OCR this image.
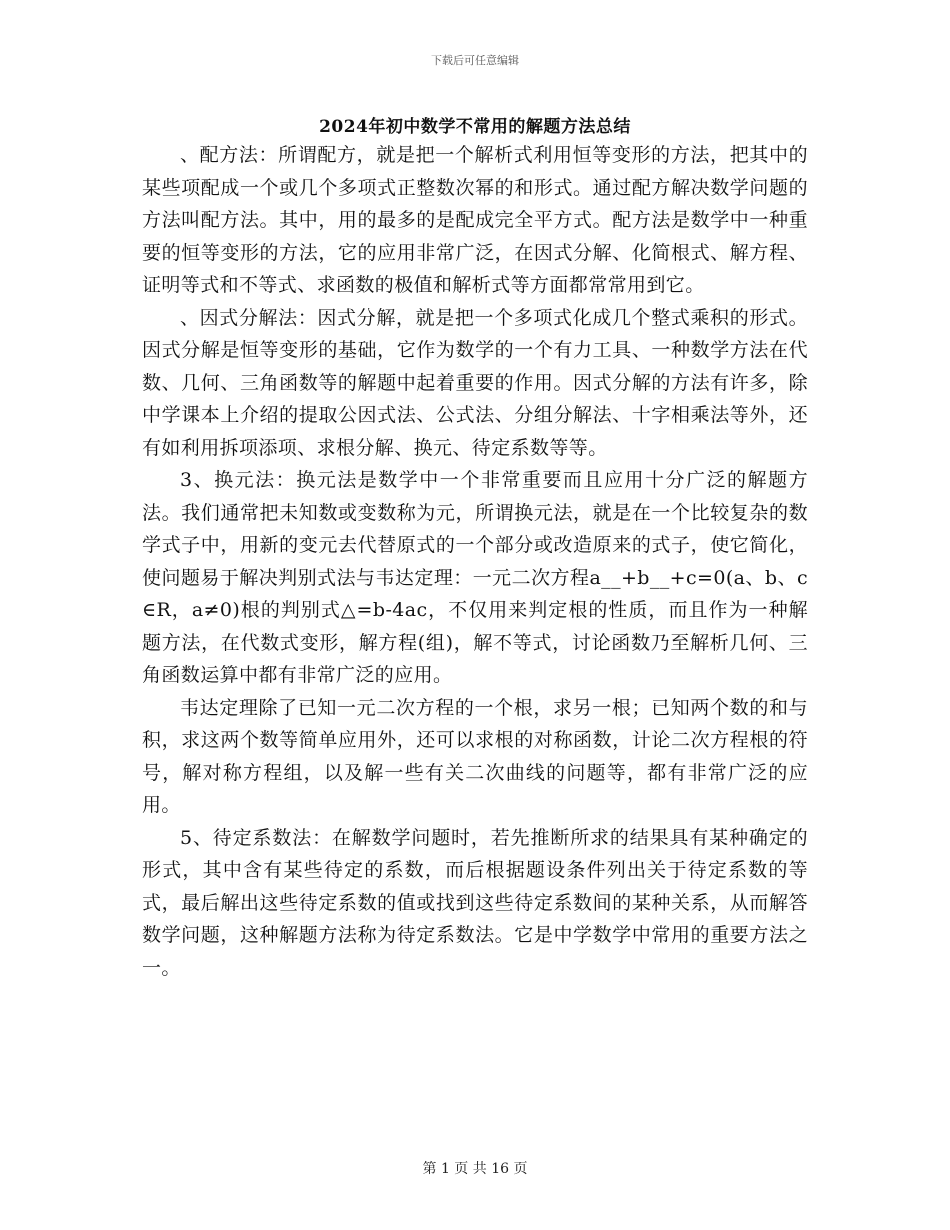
下载后可任意编辑
2024年初中数学不常用的解题方法总结

、配方法：所谓配方，就是把一个解析式利用恒等变形的方法，把其中的某些项配成一个或几个多项式正整数次幂的和形式。通过配方解决数学问题的方法叫配方法。其中，用的最多的是配成完全平方式。配方法是数学中一种重要的恒等变形的方法，它的应用非常广泛，在因式分解、化简根式、解方程、证明等式和不等式、求函数的极值和解析式等方面都常常用到它。

、因式分解法：因式分解，就是把一个多项式化成几个整式乘积的形式。因式分解是恒等变形的基础，它作为数学的一个有力工具、一种数学方法在代数、几何、三角函数等的解题中起着重要的作用。因式分解的方法有许多，除中学课本上介绍的提取公因式法、公式法、分组分解法、十字相乘法等外，还有如利用拆项添项、求根分解、换元、待定系数等等。

3、换元法：换元法是数学中一个非常重要而且应用十分广泛的解题方法。我们通常把未知数或变数称为元，所谓换元法，就是在一个比较复杂的数学式子中，用新的变元去代替原式的一个部分或改造原来的式子，使它简化，使问题易于解决判别式法与韦达定理：一元二次方程a__+b__+c=0(a、b、c∈R，a≠0)根的判别式△=b-4ac，不仅用来判定根的性质，而且作为一种解题方法，在代数式变形，解方程(组)，解不等式，讨论函数乃至解析几何、三角函数运算中都有非常广泛的应用。

韦达定理除了已知一元二次方程的一个根，求另一根；已知两个数的和与积，求这两个数等简单应用外，还可以求根的对称函数，计论二次方程根的符号，解对称方程组，以及解一些有关二次曲线的问题等，都有非常广泛的应用。

5、待定系数法：在解数学问题时，若先推断所求的结果具有某种确定的形式，其中含有某些待定的系数，而后根据题设条件列出关于待定系数的等式，最后解出这些待定系数的值或找到这些待定系数间的某种关系，从而解答数学问题，这种解题方法称为待定系数法。它是中学数学中常用的重要方法之一。

第 1 页 共 16 页
